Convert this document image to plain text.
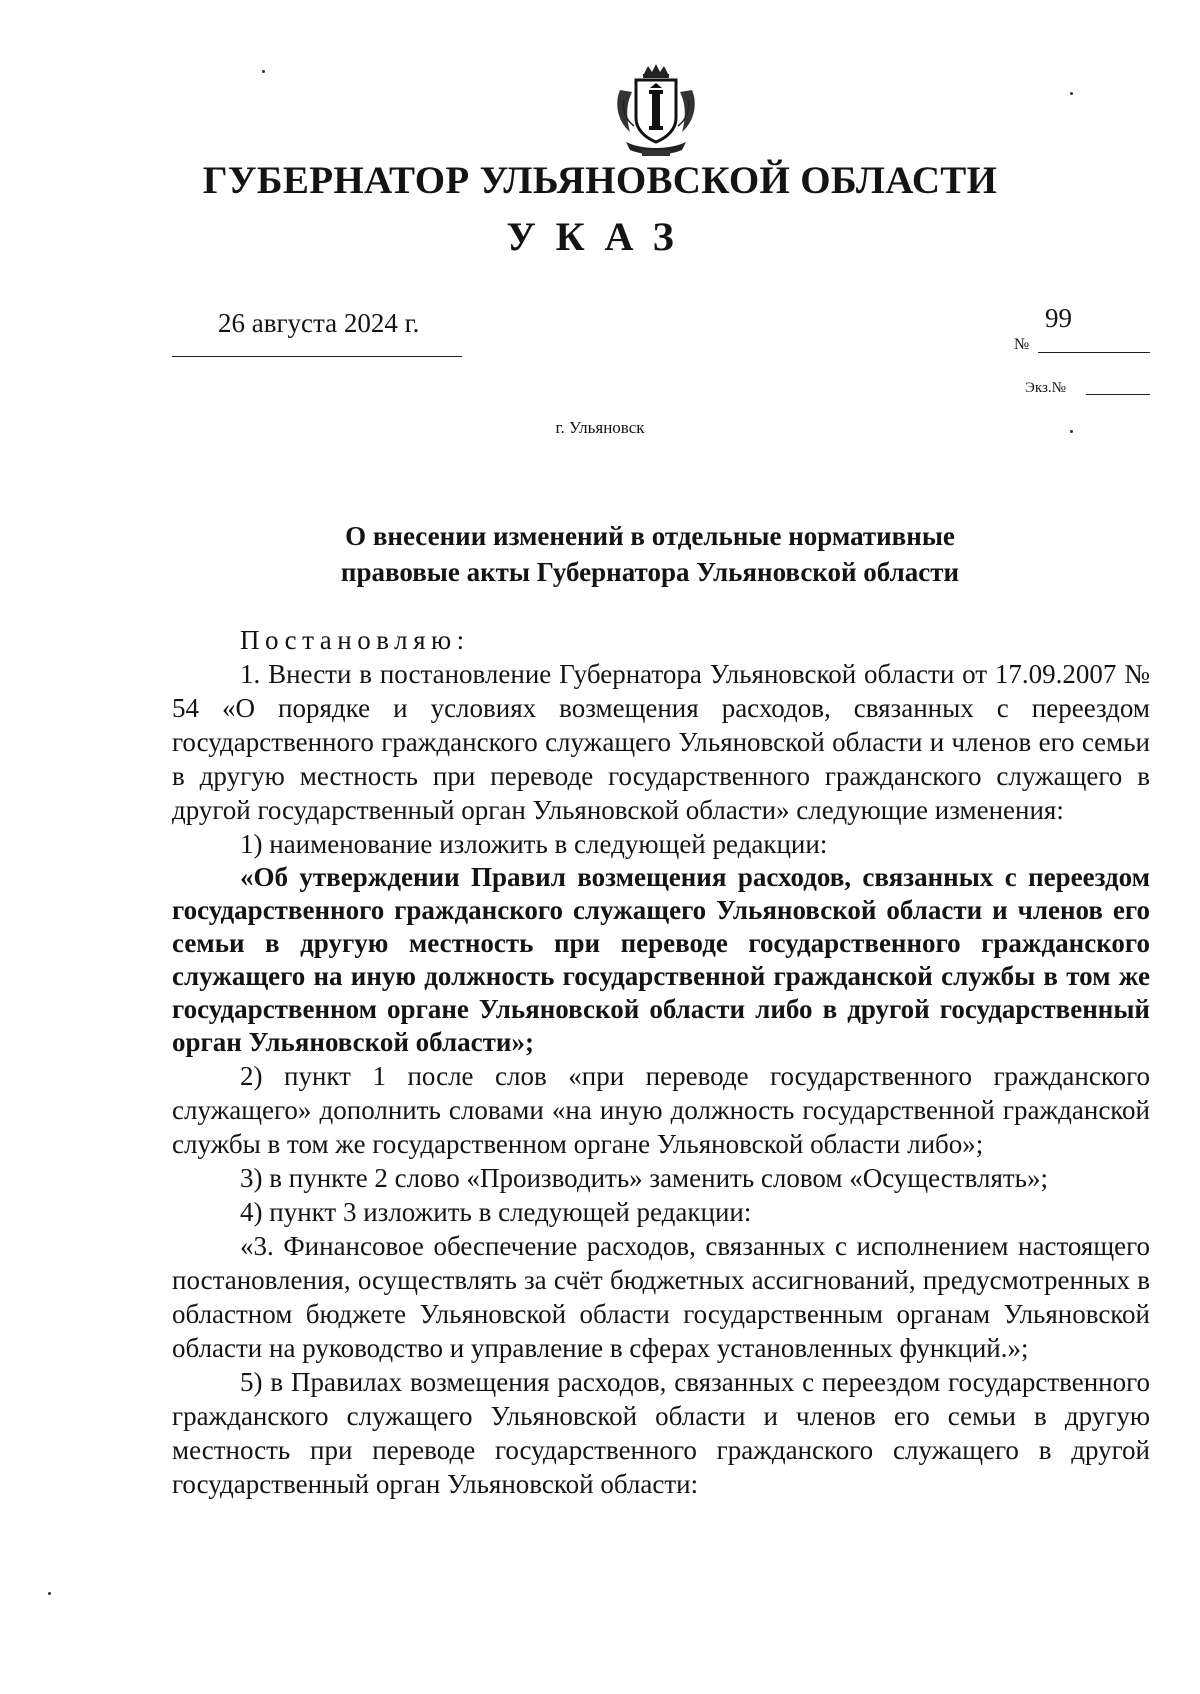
ГУБЕРНАТОР УЛЬЯНОВСКОЙ ОБЛАСТИ
УКАЗ
26 августа 2024 г.	99
№
Экз.№
г. Ульяновск
О внесении изменений в отдельные нормативные
правовые акты Губернатора Ульяновской области

Постановляю:

1. Внести в постановление Губернатора Ульяновской области от 17.09.2007 № 54 «О порядке и условиях возмещения расходов, связанных с переездом государственного гражданского служащего Ульяновской области и членов его семьи в другую местность при переводе государственного гражданского служащего в другой государственный орган Ульяновской области» следующие изменения:

1) наименование изложить в следующей редакции:

«Об утверждении Правил возмещения расходов, связанных с переездом государственного гражданского служащего Ульяновской области и членов его семьи в другую местность при переводе государственного гражданского служащего на иную должность государственной гражданской службы в том же государственном органе Ульяновской области либо в другой государственный орган Ульяновской области»;

2) пункт 1 после слов «при переводе государственного гражданского служащего» дополнить словами «на иную должность государственной гражданской службы в том же государственном органе Ульяновской области либо»;

3) в пункте 2 слово «Производить» заменить словом «Осуществлять»;

4) пункт 3 изложить в следующей редакции:

«3. Финансовое обеспечение расходов, связанных с исполнением настоящего постановления, осуществлять за счёт бюджетных ассигнований, предусмотренных в областном бюджете Ульяновской области государственным органам Ульяновской области на руководство и управление в сферах установленных функций.»;

5) в Правилах возмещения расходов, связанных с переездом государственного гражданского служащего Ульяновской области и членов его семьи в другую местность при переводе государственного гражданского служащего в другой государственный орган Ульяновской области:
